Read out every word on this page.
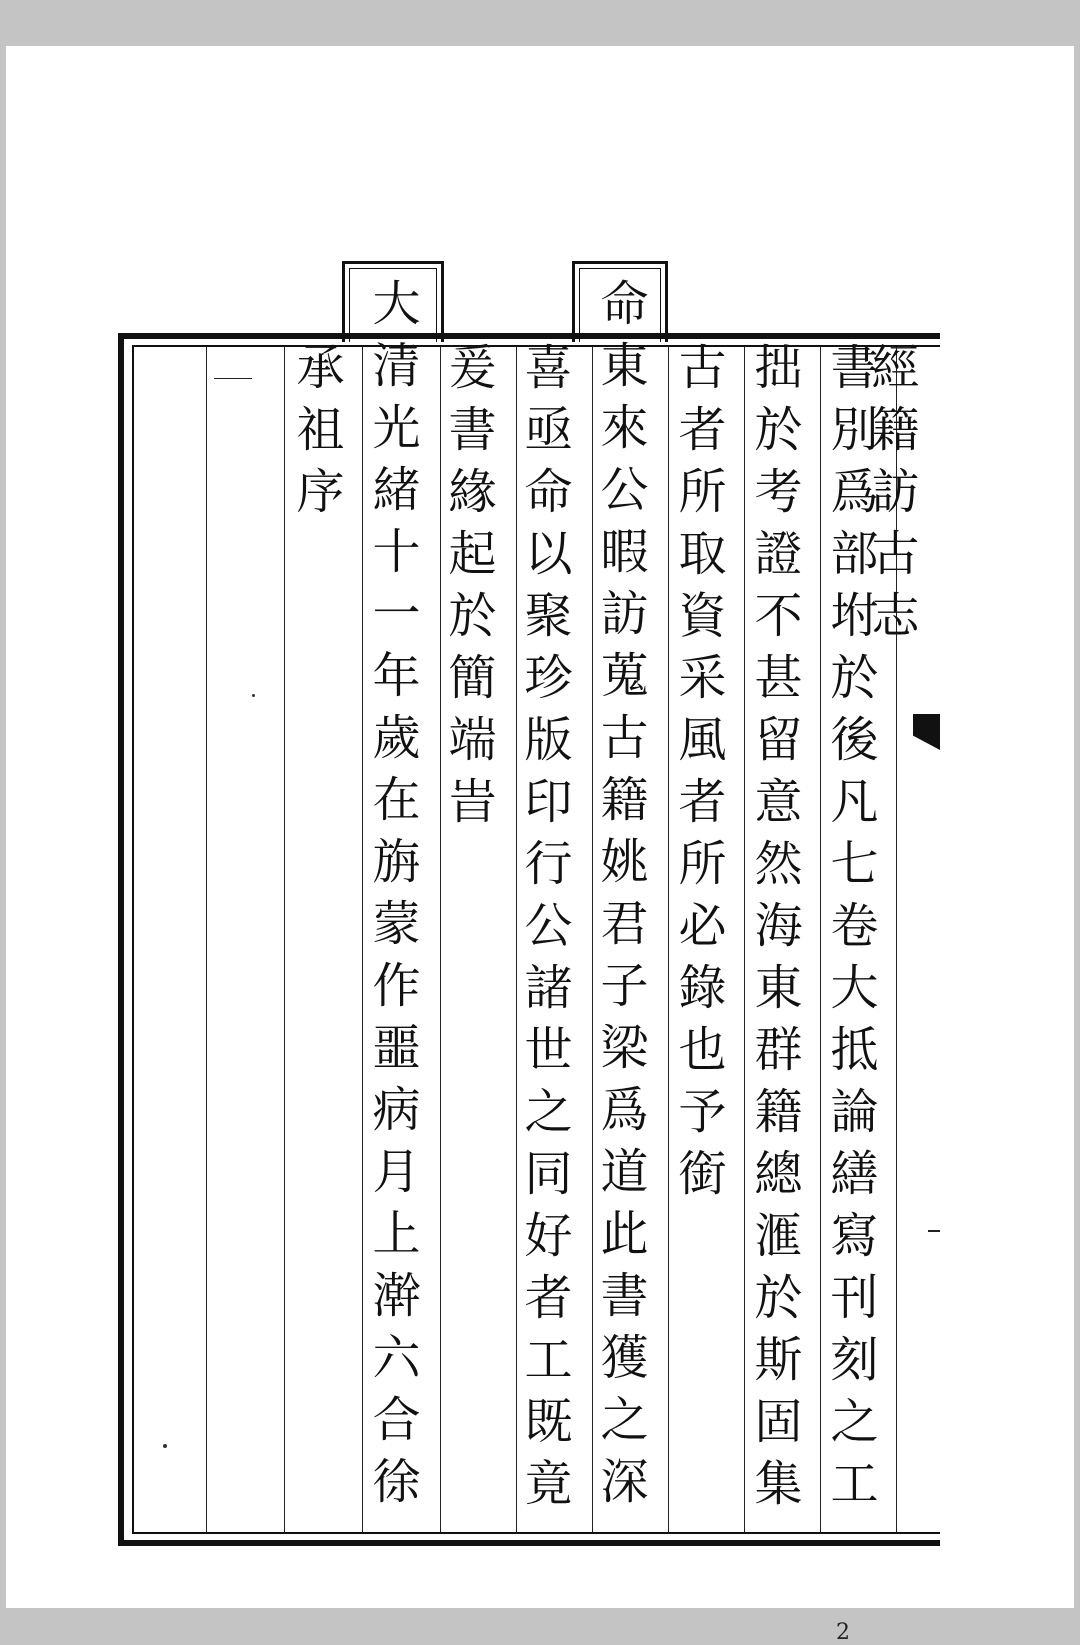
經籍訪古志
書別爲部坿於後凡七卷大抵論繕寫刊刻之工
拙於考證不甚留意然海東群籍總滙於斯固集
古者所取資采風者所必錄也予銜
命東來公暇訪蒐古籍姚君子梁爲道此書獲之深
喜亟命以聚珍版印行公諸世之同好者工既竟
爰書緣起於簡端旹
大清光緒十一年歲在旃蒙作噩病月上澣六合徐
承祖序
2
